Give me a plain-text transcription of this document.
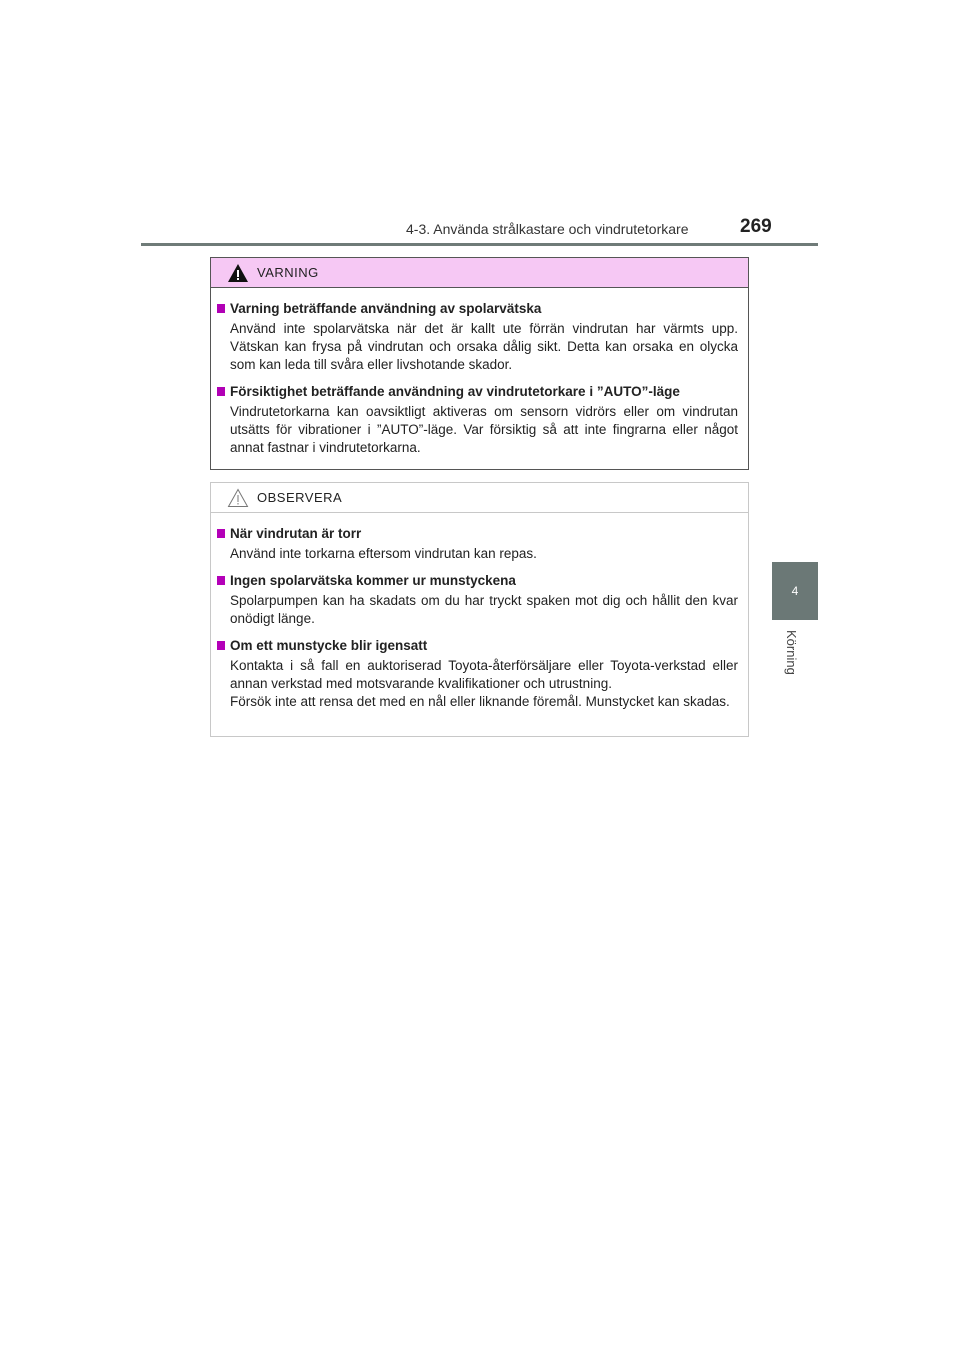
4-3. Använda strålkastare och vindrutetorkare	269
4
Körning
VARNING
Varning beträffande användning av spolarvätska
Använd inte spolarvätska när det är kallt ute förrän vindrutan har värmts upp. Vätskan kan frysa på vindrutan och orsaka dålig sikt. Detta kan orsaka en olycka som kan leda till svåra eller livshotande skador.
Försiktighet beträffande användning av vindrutetorkare i ”AUTO”-läge
Vindrutetorkarna kan oavsiktligt aktiveras om sensorn vidrörs eller om vindrutan utsätts för vibrationer i ”AUTO”-läge. Var försiktig så att inte fingrarna eller något annat fastnar i vindrutetorkarna.
OBSERVERA
När vindrutan är torr
Använd inte torkarna eftersom vindrutan kan repas.
Ingen spolarvätska kommer ur munstyckena
Spolarpumpen kan ha skadats om du har tryckt spaken mot dig och hållit den kvar onödigt länge.
Om ett munstycke blir igensatt
Kontakta i så fall en auktoriserad Toyota-återförsäljare eller Toyota-verkstad eller annan verkstad med motsvarande kvalifikationer och utrustning.
Försök inte att rensa det med en nål eller liknande föremål. Munstycket kan skadas.
